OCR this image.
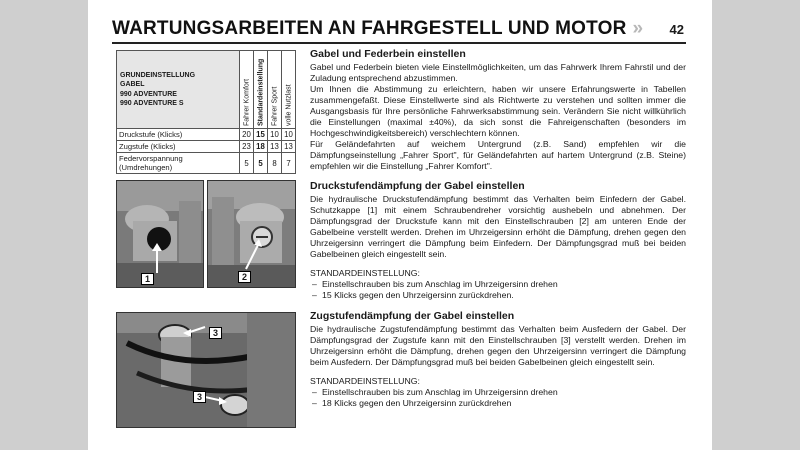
WARTUNGSARBEITEN AN FAHRGESTELL UND MOTOR » 42
GRUNDEINSTELLUNG
GABEL
990 ADVENTURE
990 ADVENTURE S	Fahrer Komfort	Standardeinstellung	Fahrer Sport	volle Nutzlast

Druckstufe (Klicks)	20	15	10	10
Zugstufe (Klicks)	23	18	13	13
Federvorspannung (Umdrehungen)	5	5	8	7
1	2
3
3
Gabel und Federbein einstellen

Gabel und Federbein bieten viele Einstellmöglichkeiten, um das Fahrwerk Ihrem Fahrstil und der Zuladung entsprechend abzustimmen.

Um Ihnen die Abstimmung zu erleichtern, haben wir unsere Erfahrungswerte in Tabellen zusammengefaßt. Diese Einstellwerte sind als Richtwerte zu verstehen und sollten immer die Ausgangsbasis für Ihre persönliche Fahrwerksabstimmung sein. Verändern Sie nicht willkührlich die Einstellungen (maximal ±40%), da sich sonst die Fahreigenschaften (besonders im Hochgeschwindigkeitsbereich) verschlechtern können.

Für Geländefahrten auf weichem Untergrund (z.B. Sand) empfehlen wir die Dämpfungseinstellung „Fahrer Sport", für Geländefahrten auf hartem Untergrund (z.B. Steine) empfehlen wir die Einstellung „Fahrer Komfort".

Druckstufendämpfung der Gabel einstellen

Die hydraulische Druckstufendämpfung bestimmt das Verhalten beim Einfedern der Gabel. Schutzkappe [1] mit einem Schraubendreher vorsichtig aushebeln und abnehmen. Der Dämpfungsgrad der Druckstufe kann mit den Einstellschrauben [2] am unteren Ende der Gabelbeine verstellt werden. Drehen im Uhrzeigersinn erhöht die Dämpfung, drehen gegen den Uhrzeigersinn verringert die Dämpfung beim Einfedern. Der Dämpfungsgrad muß bei beiden Gabelbeinen gleich eingestellt sein.

STANDARDEINSTELLUNG:

– Einstellschrauben bis zum Anschlag im Uhrzeigersinn drehen
– 15 Klicks gegen den Uhrzeigersinn zurückdrehen.
Zugstufendämpfung der Gabel einstellen

Die hydraulische Zugstufendämpfung bestimmt das Verhalten beim Ausfedern der Gabel. Der Dämpfungsgrad der Zugstufe kann mit den Einstellschrauben [3] verstellt werden. Drehen im Uhrzeigersinn erhöht die Dämpfung, drehen gegen den Uhrzeigersinn verringert die Dämpfung beim Ausfedern. Der Dämpfungsgrad muß bei beiden Gabelbeinen gleich eingestellt sein.

STANDARDEINSTELLUNG:

– Einstellschrauben bis zum Anschlag im Uhrzeigersinn drehen
– 18 Klicks gegen den Uhrzeigersinn zurückdrehen
